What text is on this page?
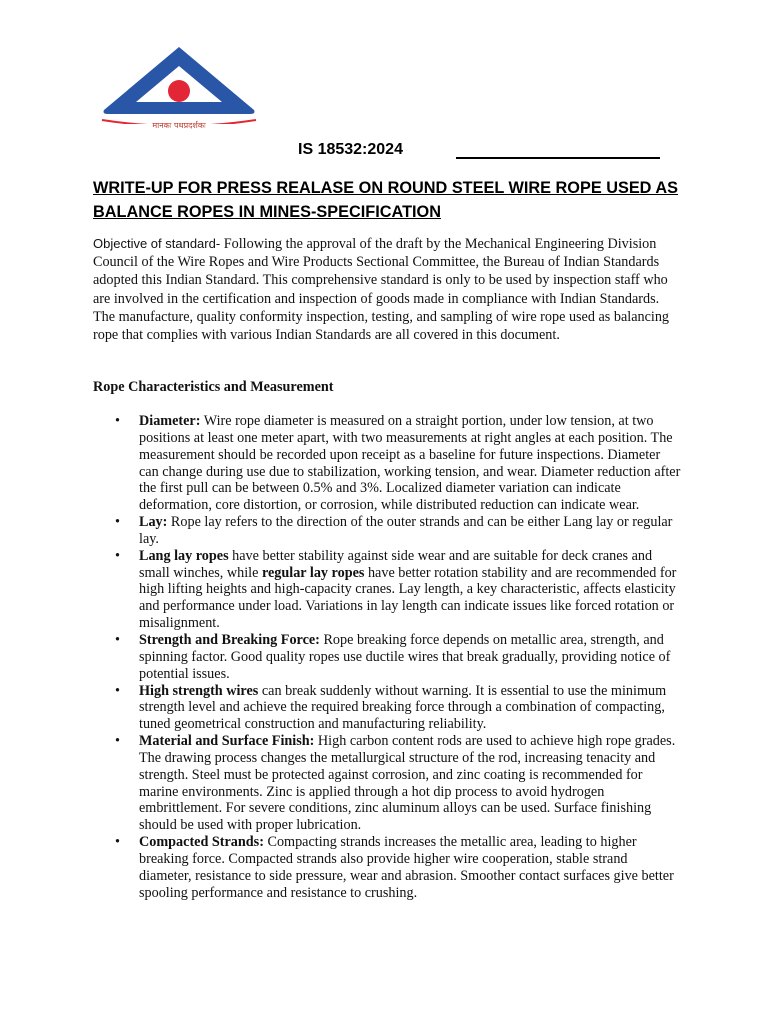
मानकः पथप्रदर्शकः
IS 18532:2024
WRITE-UP FOR PRESS REALASE ON ROUND STEEL WIRE ROPE USED AS BALANCE ROPES IN MINES-SPECIFICATION

Objective of standard- Following the approval of the draft by the Mechanical Engineering Division Council of the Wire Ropes and Wire Products Sectional Committee, the Bureau of Indian Standards adopted this Indian Standard. This comprehensive standard is only to be used by inspection staff who are involved in the certification and inspection of goods made in compliance with Indian Standards. The manufacture, quality conformity inspection, testing, and sampling of wire rope used as balancing rope that complies with various Indian Standards are all covered in this document.

Rope Characteristics and Measurement
• Diameter: Wire rope diameter is measured on a straight portion, under low tension, at two positions at least one meter apart, with two measurements at right angles at each position. The measurement should be recorded upon receipt as a baseline for future inspections. Diameter can change during use due to stabilization, working tension, and wear. Diameter reduction after the first pull can be between 0.5% and 3%. Localized diameter variation can indicate deformation, core distortion, or corrosion, while distributed reduction can indicate wear.
• Lay: Rope lay refers to the direction of the outer strands and can be either Lang lay or regular lay.
• Lang lay ropes have better stability against side wear and are suitable for deck cranes and small winches, while regular lay ropes have better rotation stability and are recommended for high lifting heights and high-capacity cranes. Lay length, a key characteristic, affects elasticity and performance under load. Variations in lay length can indicate issues like forced rotation or misalignment.
• Strength and Breaking Force: Rope breaking force depends on metallic area, strength, and spinning factor. Good quality ropes use ductile wires that break gradually, providing notice of potential issues.
• High strength wires can break suddenly without warning. It is essential to use the minimum strength level and achieve the required breaking force through a combination of compacting, tuned geometrical construction and manufacturing reliability.
• Material and Surface Finish: High carbon content rods are used to achieve high rope grades. The drawing process changes the metallurgical structure of the rod, increasing tenacity and strength. Steel must be protected against corrosion, and zinc coating is recommended for marine environments. Zinc is applied through a hot dip process to avoid hydrogen embrittlement. For severe conditions, zinc aluminum alloys can be used. Surface finishing should be used with proper lubrication.
• Compacted Strands: Compacting strands increases the metallic area, leading to higher breaking force. Compacted strands also provide higher wire cooperation, stable strand diameter, resistance to side pressure, wear and abrasion. Smoother contact surfaces give better spooling performance and resistance to crushing.
